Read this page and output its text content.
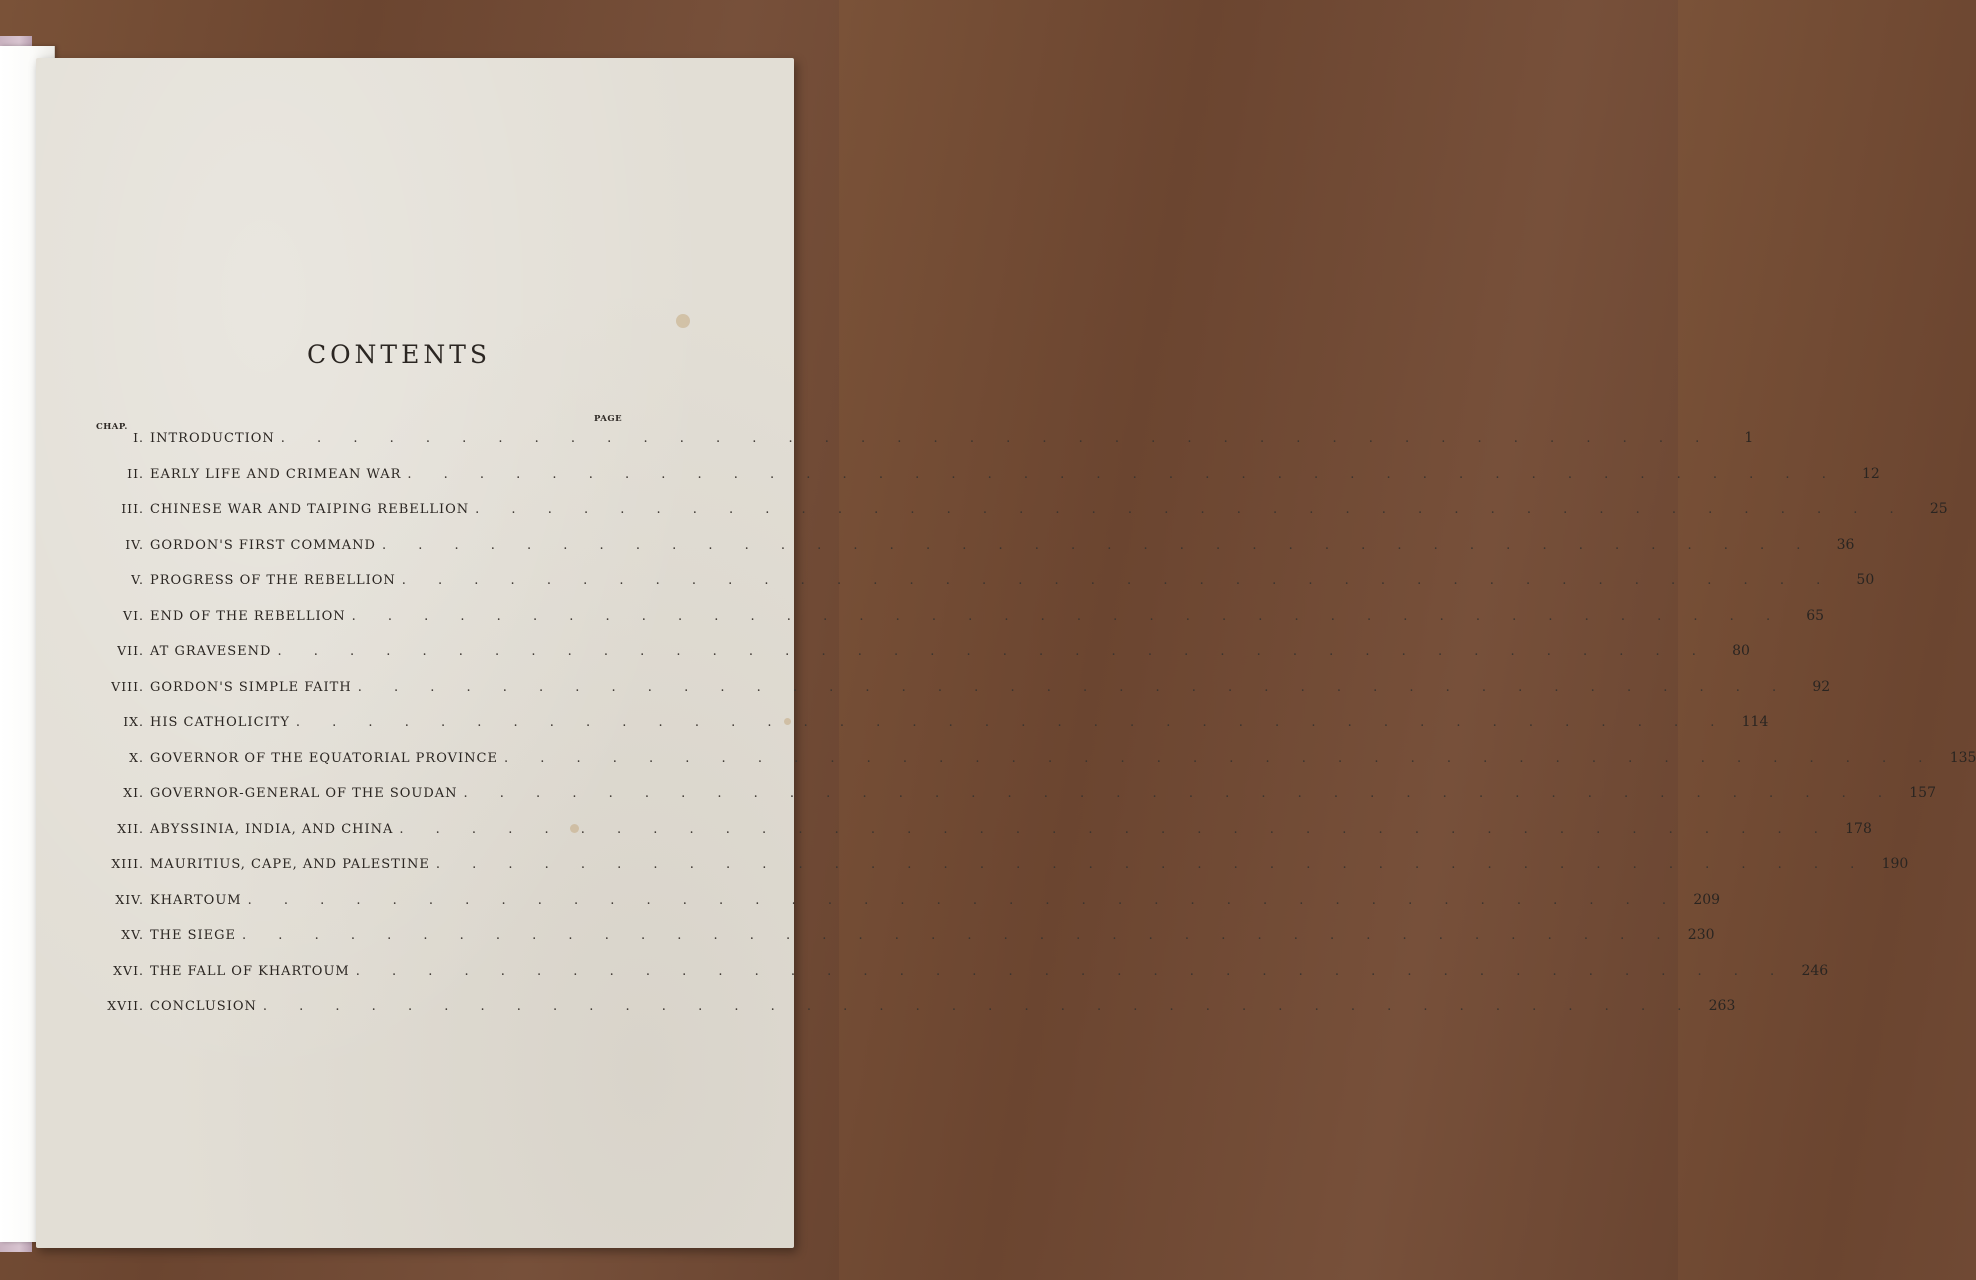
CONTENTS
CHAP.
PAGE
I. INTRODUCTION . . . . . . . . . . . . . . . . . . . . . . . . . . . . . . . . . . . . . . . .	1
II. EARLY LIFE AND CRIMEAN WAR . . . . . . . . . . . . . . . . . . . . . . . . . . . . . . . . . . . . . . . .	12
III. CHINESE WAR AND TAIPING REBELLION . . . . . . . . . . . . . . . . . . . . . . . . . . . . . . . . . . . . . . . .	25
IV. GORDON'S FIRST COMMAND . . . . . . . . . . . . . . . . . . . . . . . . . . . . . . . . . . . . . . . .	36
V. PROGRESS OF THE REBELLION . . . . . . . . . . . . . . . . . . . . . . . . . . . . . . . . . . . . . . . .	50
VI. END OF THE REBELLION . . . . . . . . . . . . . . . . . . . . . . . . . . . . . . . . . . . . . . . .	65
VII. AT GRAVESEND . . . . . . . . . . . . . . . . . . . . . . . . . . . . . . . . . . . . . . . .	80
VIII. GORDON'S SIMPLE FAITH . . . . . . . . . . . . . . . . . . . . . . . . . . . . . . . . . . . . . . . .	92
IX. HIS CATHOLICITY . . . . . . . . . . . . . . . . . . . . . . . . . . . . . . . . . . . . . . . . 114
X. GOVERNOR OF THE EQUATORIAL PROVINCE . . . . . . . . . . . . . . . . . . . . . . . . . . . . . . . . . . . . . . . . 135
XI. GOVERNOR-GENERAL OF THE SOUDAN . . . . . . . . . . . . . . . . . . . . . . . . . . . . . . . . . . . . . . . . 157
XII. ABYSSINIA, INDIA, AND CHINA . . . . . . . . . . . . . . . . . . . . . . . . . . . . . . . . . . . . . . . . 178
XIII. MAURITIUS, CAPE, AND PALESTINE . . . . . . . . . . . . . . . . . . . . . . . . . . . . . . . . . . . . . . . . 190
XIV. KHARTOUM . . . . . . . . . . . . . . . . . . . . . . . . . . . . . . . . . . . . . . . . 209
XV. THE SIEGE . . . . . . . . . . . . . . . . . . . . . . . . . . . . . . . . . . . . . . . . 230
XVI. THE FALL OF KHARTOUM . . . . . . . . . . . . . . . . . . . . . . . . . . . . . . . . . . . . . . . . 246
XVII. CONCLUSION . . . . . . . . . . . . . . . . . . . . . . . . . . . . . . . . . . . . . . . . 263
